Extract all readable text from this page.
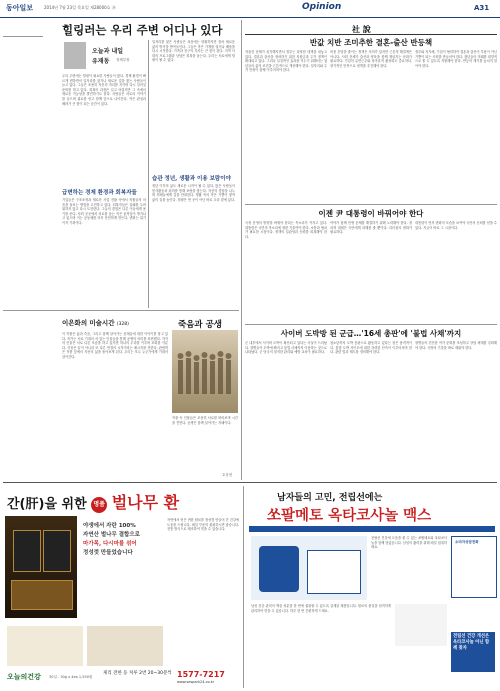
동아일보	2014년 7월 23일 목요일 제28000호 ⑭	Opinion	A31
힐링러는 우리 주변 어디나 있다
오늘과 내일
유재동 정제부장
우리 주변에는 힐링이 필요한 사람들이 많다. 경제 환경이 빠르게 변하면서 일자리를 잃거나 새로운 길을 찾는 사람들이 늘고 있다. 그들은 조용히 자신의 자리를 지키며 다시 일어설 준비를 하고 있다. 회복의 과정은 길고 어렵지만 그 속에서 새로운 가능성을 발견하기도 한다. 사람들은 서로의 이야기를 들으며 위로를 얻고 함께 앞으로 나아간다. 작은 관심과 배려가 큰 힘이 되는 순간이 있다.
급변하는 경제 환경과 회복자들
기업들은 구조조정과 새로운 사업 전환 속에서 직원들의 마음을 돌보는 방법을 고민하고 있다. 회복자들은 실패를 두려워하지 않고 다시 도전한다. 그들의 경험은 다른 이들에게 용기를 준다. 사회 곳곳에서 서로를 돕는 작은 움직임이 생겨나고 있으며 이는 공동체를 더욱 단단하게 만든다. 변화는 위기이자 기회이다.
일자리를 잃은 사람들은 처음에는 당황하지만 점차 새로운 삶의 방식을 받아들인다. 그들은 작은 가게를 열거나 배움을 다시 시작한다. 가족과 친구의 지지는 큰 힘이 된다. 지역 사회의 프로그램과 상담은 회복을 돕는다. 우리는 서로에게 힐링이 될 수 있다.
습관 정년, 생활과 이용 보람이야
정년 이후의 삶도 새로운 시작이 될 수 있다. 많은 사람들이 봉사활동과 취미를 통해 보람을 찾는다. 자신의 경험을 나누며 후배들에게 길을 안내한다. 생활 속의 작은 기쁨이 쌓여 삶의 질을 높인다. 힐링은 먼 곳이 아닌 바로 우리 곁에 있다.
이은화의 미술시간 (328)	죽음과 공생
이 작품은 삶과 죽음, 그리고 함께 살아가는 존재들에 대한 이야기를 담고 있다. 작가는 서로 기대어 서 있는 인물들을 통해 공생의 의미를 표현했다. 각각의 인물은 서로 다른 모습을 하고 있지만 하나의 무리를 이루며 조화를 이룬다. 죽음은 끝이 아니라 또 다른 연결의 시작이라는 메시지를 전한다. 관람객은 작품 앞에서 자신의 삶을 돌아보게 된다. 우리는 모두 누군가에게 기대어 살아간다.
작품 속 인물들은 조용히 서로를 바라보며 시간을 견딘다. 공생은 함께 살아가는 지혜이다.
호상현
社 說
반값 치반 조미추한 결혼-출산 반등책
저출산 문제가 심각해지면서 정부는 다양한 대책을 내놓고 있다. 결혼과 출산을 장려하기 위한 지원금과 주거 정책이 확대되고 있다. 그러나 실질적인 효과를 거두기 위해서는 청년들의 삶의 조건을 근본적으로 개선해야 한다. 일자리와 주거 안정이 함께 이루어져야 한다.
비용 부담을 줄이는 정책은 의미가 있지만 근본적 해결책은 아니다. 사회 전체가 출산과 양육을 함께 책임지는 문화가 필요하다. 기업의 유연근무와 육아휴직 활성화도 중요하다. 장기적인 안목으로 정책을 추진해야 한다.
정부와 지자체, 기업이 협력하여 결혼과 출산이 부담이 아닌 기쁨이 되는 사회를 만들어야 한다. 청년들이 미래를 희망적으로 볼 수 있도록 지원해야 한다. 반등의 계기를 놓치지 말아야 한다.
이젠 尹 대통령이 바꿔어야 한다
국정 운영의 방향을 바꿔야 한다는 목소리가 커지고 있다. 대통령은 국민의 목소리에 귀를 기울여야 한다. 소통과 협치가 필요한 시점이다. 정책의 일관성과 신뢰를 회복해야 한다.
여야가 함께 민생 문제를 해결하기 위해 노력해야 한다. 정치적 대립은 국민에게 피해를 줄 뿐이다. 리더십의 변화가 필요하다.
대통령이 먼저 변화의 모습을 보여야 국민의 신뢰를 얻을 수 있다. 지금이 바로 그 시점이다.
사이버 도박방 된 군급…'16세 총판'에 '불법 사채'까지
군 내부에서 사이버 도박이 확산되고 있다는 사실이 드러났다. 장병들이 도박에 빠지고 불법 사채까지 이용하는 것으로 나타났다. 군 당국의 철저한 관리와 예방 교육이 필요하다.
청소년까지 도박 총판으로 활동하고 있다는 점은 충격적이다. 불법 도박 사이트에 대한 강력한 단속이 이루어져야 한다. 관련 법과 제도를 정비해야 한다.
장병들의 건전한 여가 문화를 조성하고 상담 체계를 강화해야 한다. 국방의 기강을 바로 세워야 한다.
간(肝)을 위한 명품 벌나무 환
야생에서 자란 100%
자연산 벌나무 결합으로
마가목, 다시마를 섞어
정성껏 만들었습니다
자연에서 얻은 귀한 원료를 정성껏 만들어 간 건강에 도움을 드립니다. 매일 꾸준히 섭취하시면 좋습니다. 전통 방식으로 제조하여 믿을 수 있습니다.
오늘의건강 30일 - 30g x 4ea 1,550원
제리 전한 등 처루 2번 20~30분씩 1577-7217
www.sespark24.co.kr
남자들의 고민, 전립선에는
쏘팔메토 옥타코사놀 맥스
전립선 건강에 도움을 줄 수 있는 쏘팔메토와 옥타코사놀을 함께 담았습니다. 남성의 활력을 위해 매일 섭취하세요.
소비자상담전화
남성 건강 관리의 핵심 성분을 한 번에 섭취할 수 있도록 설계된 제품입니다. 원료의 품질을 엄격하게 관리하여 믿을 수 있습니다. 하루 한 번 간편하게 드세요.
전립선 건강 개선은 옥타코사놀 아닌 함께 찾자
